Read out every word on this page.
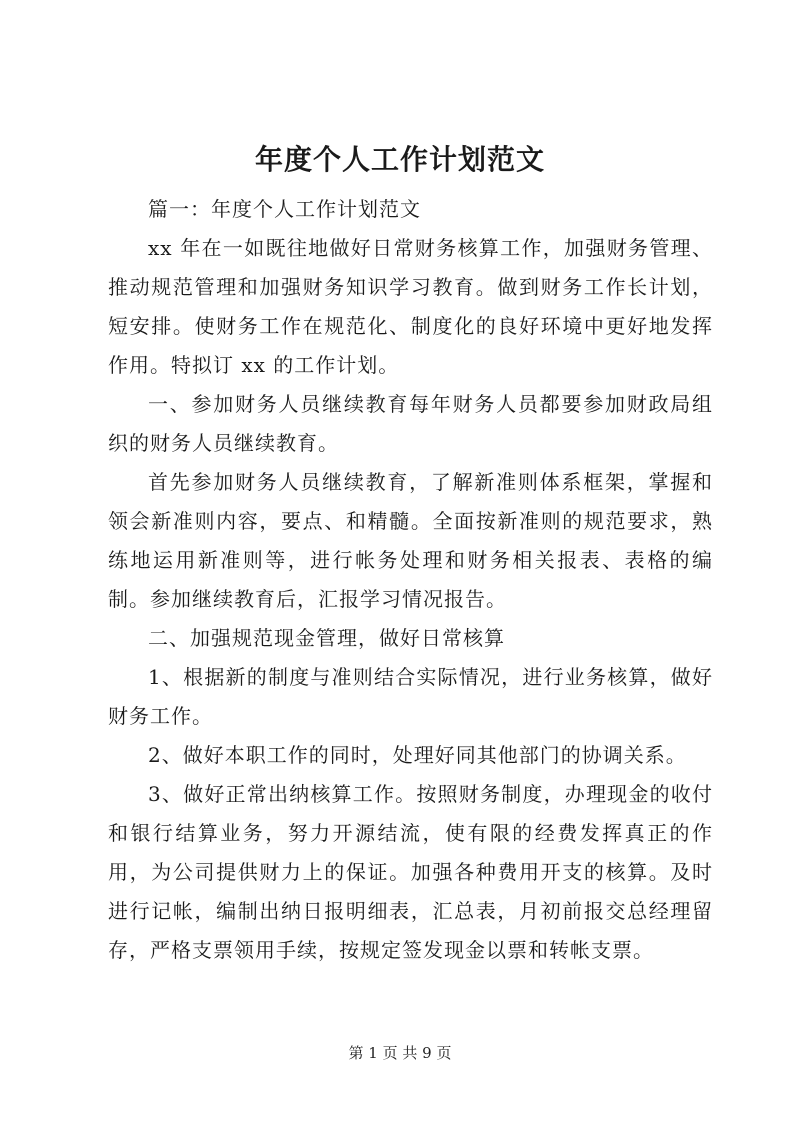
年度个人工作计划范文

篇一：年度个人工作计划范文

xx 年在一如既往地做好日常财务核算工作，加强财务管理、推动规范管理和加强财务知识学习教育。做到财务工作长计划，短安排。使财务工作在规范化、制度化的良好环境中更好地发挥作用。特拟订 xx 的工作计划。

一、参加财务人员继续教育每年财务人员都要参加财政局组织的财务人员继续教育。

首先参加财务人员继续教育，了解新准则体系框架，掌握和领会新准则内容，要点、和精髓。全面按新准则的规范要求，熟练地运用新准则等，进行帐务处理和财务相关报表、表格的编制。参加继续教育后，汇报学习情况报告。

二、加强规范现金管理，做好日常核算

1、根据新的制度与准则结合实际情况，进行业务核算，做好财务工作。

2、做好本职工作的同时，处理好同其他部门的协调关系。

3、做好正常出纳核算工作。按照财务制度，办理现金的收付和银行结算业务，努力开源结流，使有限的经费发挥真正的作用，为公司提供财力上的保证。加强各种费用开支的核算。及时进行记帐，编制出纳日报明细表，汇总表，月初前报交总经理留存，严格支票领用手续，按规定签发现金以票和转帐支票。

第 1 页 共 9 页
